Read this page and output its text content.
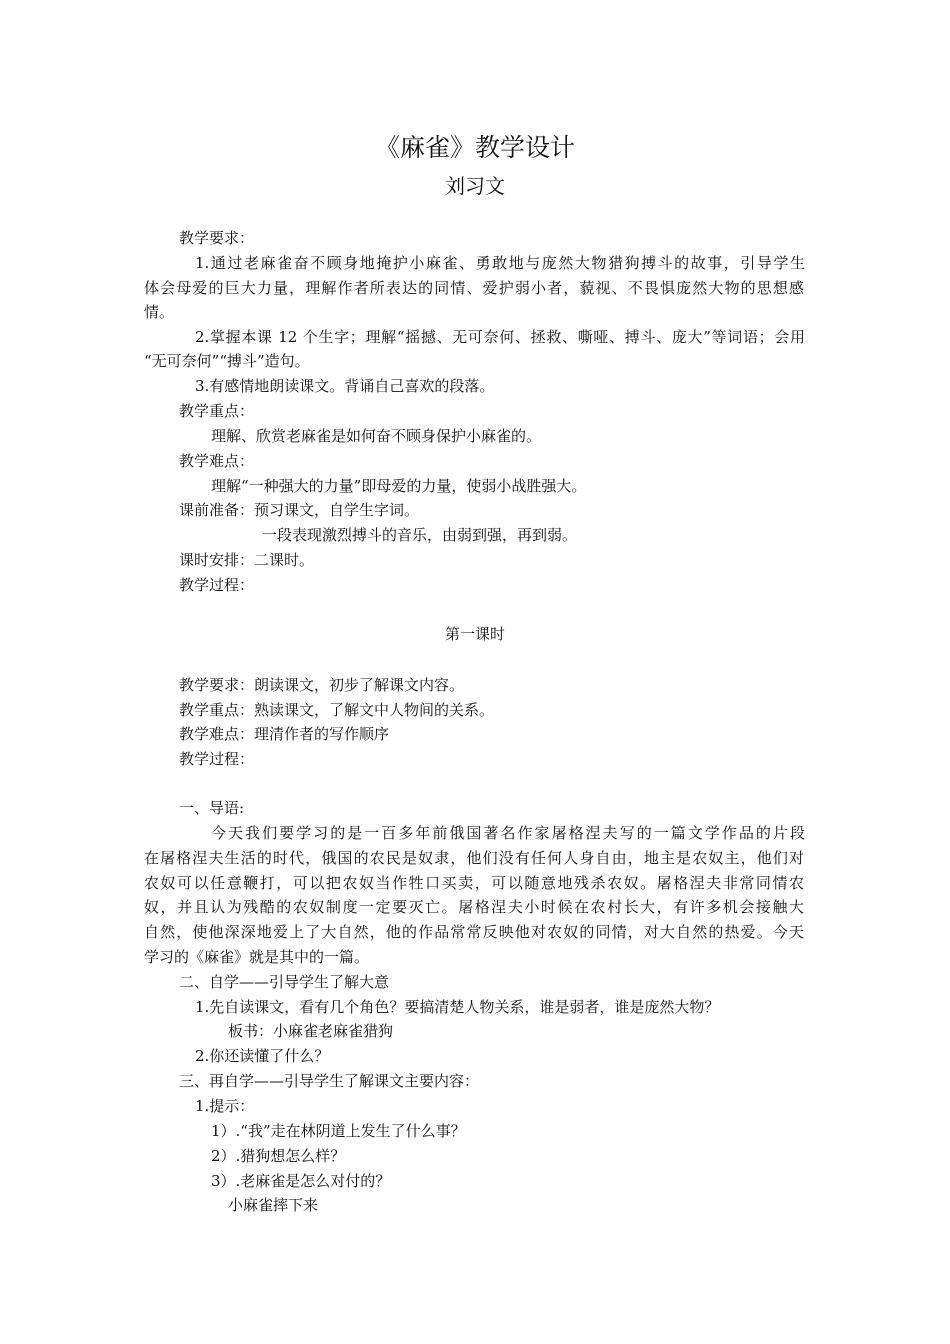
《麻雀》教学设计
刘习文
教学要求：
1.通过老麻雀奋不顾身地掩护小麻雀、勇敢地与庞然大物猎狗搏斗的故事，引导学生
体会母爱的巨大力量，理解作者所表达的同情、爱护弱小者，藐视、不畏惧庞然大物的思想感
情。
2.掌握本课 12 个生字；理解“摇撼、无可奈何、拯救、嘶哑、搏斗、庞大”等词语；会用
“无可奈何”“搏斗”造句。
3.有感情地朗读课文。背诵自己喜欢的段落。
教学重点：
理解、欣赏老麻雀是如何奋不顾身保护小麻雀的。
教学难点：
理解“一种强大的力量”即母爱的力量，使弱小战胜强大。
课前准备：预习课文，自学生字词。
一段表现激烈搏斗的音乐，由弱到强，再到弱。
课时安排：二课时。
教学过程：
第一课时
教学要求：朗读课文，初步了解课文内容。
教学重点：熟读课文，了解文中人物间的关系。
教学难点：理清作者的写作顺序
教学过程：
一、导语:
今天我们要学习的是一百多年前俄国著名作家屠格涅夫写的一篇文学作品的片段
在屠格涅夫生活的时代，俄国的农民是奴隶，他们没有任何人身自由，地主是农奴主，他们对
农奴可以任意鞭打，可以把农奴当作牲口买卖，可以随意地残杀农奴。屠格涅夫非常同情农
奴，并且认为残酷的农奴制度一定要灭亡。屠格涅夫小时候在农村长大，有许多机会接触大
自然，使他深深地爱上了大自然，他的作品常常反映他对农奴的同情，对大自然的热爱。今天
学习的《麻雀》就是其中的一篇。
二、自学——引导学生了解大意
1.先自读课文，看有几个角色？要搞清楚人物关系，谁是弱者，谁是庞然大物？
板书：小麻雀老麻雀猎狗
2.你还读懂了什么？
三、再自学——引导学生了解课文主要内容：
1.提示：
1）.“我”走在林阴道上发生了什么事？
2）.猎狗想怎么样？
3）.老麻雀是怎么对付的？
小麻雀摔下来
